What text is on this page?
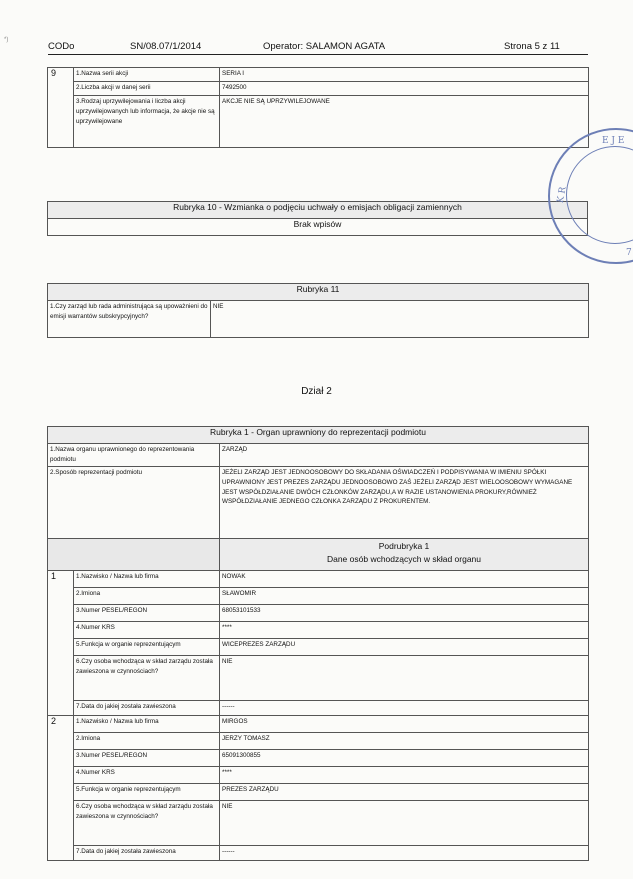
*)
CODo	SN/08.07/1/2014	Operator: SALAMON AGATA	Strona 5 z 11
9	1.Nazwa serii akcji	SERIA I
	2.Liczba akcji w danej serii	7492500
	3.Rodzaj uprzywilejowania i liczba akcji uprzywilejowanych lub informacja, że akcje nie są uprzywilejowane	AKCJE NIE SĄ UPRZYWILEJOWANE
Rubryka 10 - Wzmianka o podjęciu uchwały o emisjach obligacji zamiennych
Brak wpisów
Rubryka 11
1.Czy zarząd lub rada administrująca są upoważnieni do emisji warrantów subskrypcyjnych?	NIE
Dział 2
Rubryka 1 - Organ uprawniony do reprezentacji podmiotu		
1.Nazwa organu uprawnionego do reprezentowania podmiotu		ZARZĄD
2.Sposób reprezentacji podmiotu		JEŻELI ZARZĄD JEST JEDNOOSOBOWY DO SKŁADANIA OŚWIADCZEŃ I PODPISYWANIA W IMIENIU SPÓŁKI UPRAWNIONY JEST PREZES ZARZĄDU JEDNOOSOBOWO ZAŚ JEŻELI ZARZĄD JEST WIELOOSOBOWY WYMAGANE JEST WSPÓŁDZIAŁANIE DWÓCH CZŁONKÓW ZARZĄDU,A W RAZIE USTANOWIENIA PROKURY,RÓWNIEŻ WSPÓŁDZIAŁANIE JEDNEGO CZŁONKA ZARZĄDU Z PROKURENTEM.

		Podrubryka 1
Dane osób wchodzących w skład organu

1	1.Nazwisko / Nazwa lub firma	NOWAK
	2.Imiona	SŁAWOMIR
	3.Numer PESEL/REGON	68053101533
	4.Numer KRS	****
	5.Funkcja w organie reprezentującym	WICEPREZES ZARZĄDU
	6.Czy osoba wchodząca w skład zarządu została zawieszona w czynnościach?	NIE
	7.Data do jakiej została zawieszona	------
2	1.Nazwisko / Nazwa lub firma	MIRGOS
	2.Imiona	JERZY TOMASZ
	3.Numer PESEL/REGON	65091300855
	4.Numer KRS	****
	5.Funkcja w organie reprezentującym	PREZES ZARZĄDU
	6.Czy osoba wchodząca w skład zarządu została zawieszona w czynnościach?	NIE
	7.Data do jakiej została zawieszona	------
E J E
K R
7
